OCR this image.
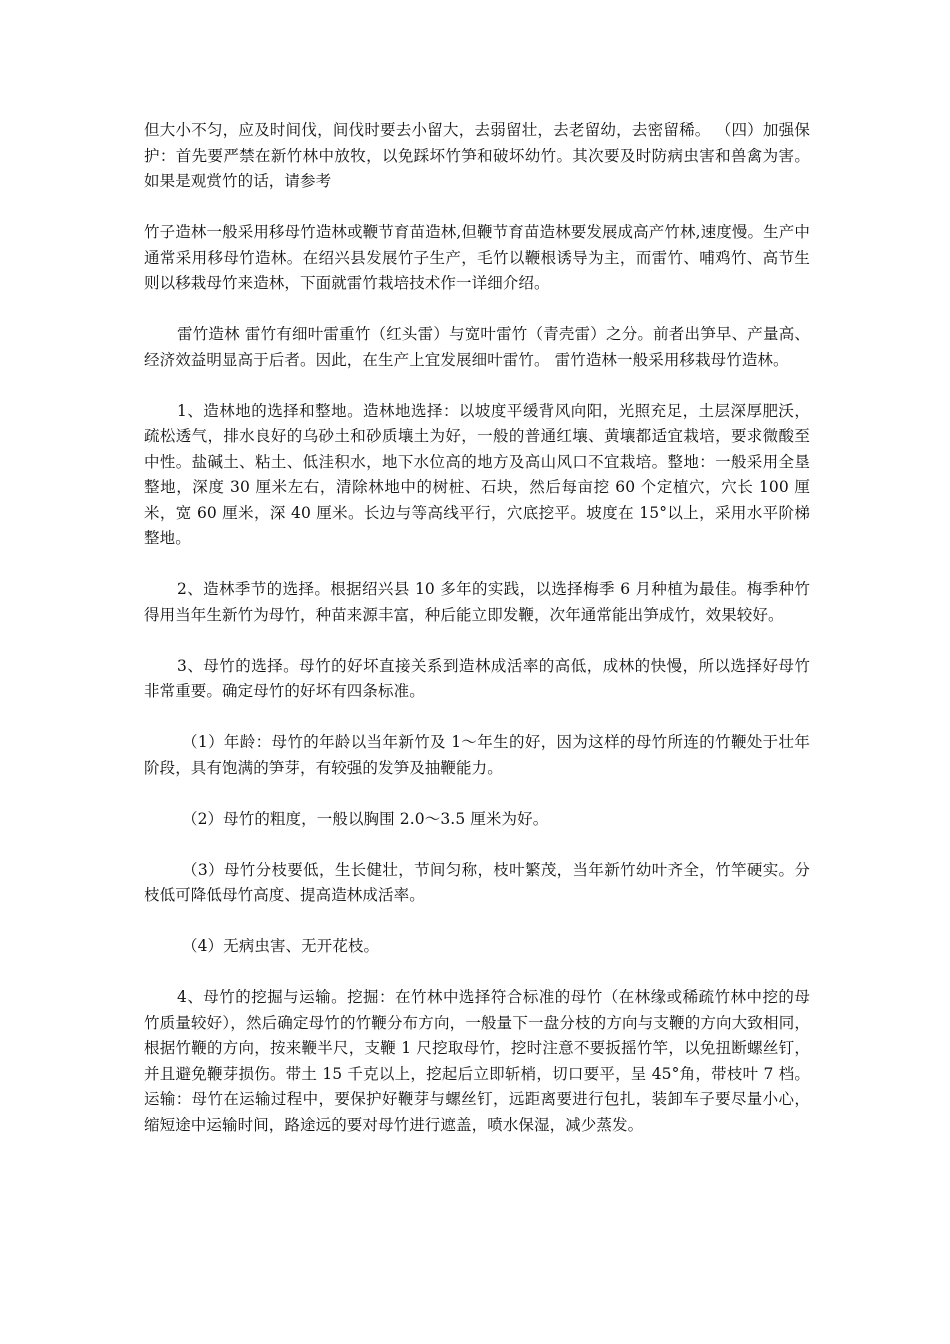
但大小不匀，应及时间伐，间伐时要去小留大，去弱留壮，去老留幼，去密留稀。 （四）加强保护：首先要严禁在新竹林中放牧，以免踩坏竹笋和破坏幼竹。其次要及时防病虫害和兽禽为害。 如果是观赏竹的话，请参考

竹子造林一般采用移母竹造林或鞭节育苗造林,但鞭节育苗造林要发展成高产竹林,速度慢。生产中通常采用移母竹造林。在绍兴县发展竹子生产，毛竹以鞭根诱导为主，而雷竹、哺鸡竹、高节生则以移栽母竹来造林，下面就雷竹栽培技术作一详细介绍。

雷竹造林 雷竹有细叶雷重竹（红头雷）与宽叶雷竹（青壳雷）之分。前者出笋早、产量高、经济效益明显高于后者。因此，在生产上宜发展细叶雷竹。 雷竹造林一般采用移栽母竹造林。

1、造林地的选择和整地。造林地选择：以坡度平缓背风向阳，光照充足，土层深厚肥沃，疏松透气，排水良好的乌砂土和砂质壤土为好，一般的普通红壤、黄壤都适宜栽培，要求微酸至中性。盐碱土、粘土、低洼积水，地下水位高的地方及高山风口不宜栽培。整地：一般采用全垦整地，深度 30 厘米左右，清除林地中的树桩、石块，然后每亩挖 60 个定植穴，穴长 100 厘米，宽 60 厘米，深 40 厘米。长边与等高线平行，穴底挖平。坡度在 15°以上，采用水平阶梯整地。

2、造林季节的选择。根据绍兴县 10 多年的实践，以选择梅季 6 月种植为最佳。梅季种竹得用当年生新竹为母竹，种苗来源丰富，种后能立即发鞭，次年通常能出笋成竹，效果较好。

3、母竹的选择。母竹的好坏直接关系到造林成活率的高低，成林的快慢，所以选择好母竹非常重要。确定母竹的好坏有四条标准。

（1）年龄：母竹的年龄以当年新竹及 1～年生的好，因为这样的母竹所连的竹鞭处于壮年阶段，具有饱满的笋芽，有较强的发笋及抽鞭能力。

（2）母竹的粗度，一般以胸围 2.0～3.5 厘米为好。

（3）母竹分枝要低，生长健壮，节间匀称，枝叶繁茂，当年新竹幼叶齐全，竹竿硬实。分枝低可降低母竹高度、提高造林成活率。

（4）无病虫害、无开花枝。

4、母竹的挖掘与运输。挖掘：在竹林中选择符合标准的母竹（在林缘或稀疏竹林中挖的母竹质量较好），然后确定母竹的竹鞭分布方向，一般量下一盘分枝的方向与支鞭的方向大致相同，根据竹鞭的方向，按来鞭半尺，支鞭 1 尺挖取母竹，挖时注意不要扳摇竹竿，以免扭断螺丝钉，并且避免鞭芽损伤。带土 15 千克以上，挖起后立即斩梢，切口要平，呈 45°角，带枝叶 7 档。运输：母竹在运输过程中，要保护好鞭芽与螺丝钉，远距离要进行包扎，装卸车子要尽量小心，缩短途中运输时间，路途远的要对母竹进行遮盖，喷水保湿，减少蒸发。
